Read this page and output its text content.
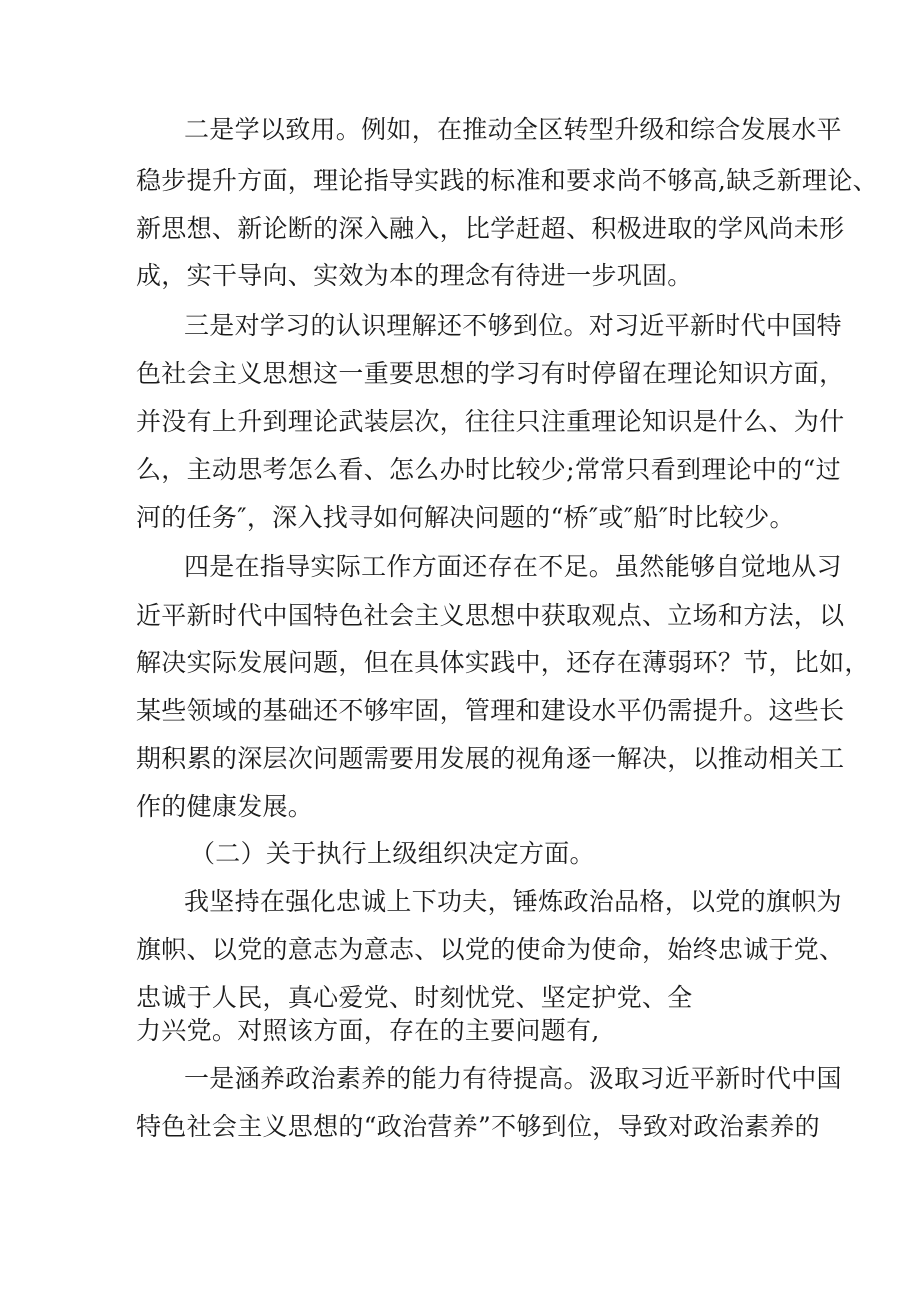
二是学以致用。例如，在推动全区转型升级和综合发展水平
稳步提升方面，理论指导实践的标准和要求尚不够高,缺乏新理论、
新思想、新论断的深入融入，比学赶超、积极进取的学风尚未形
成，实干导向、实效为本的理念有待进一步巩固。
三是对学习的认识理解还不够到位。对习近平新时代中国特
色社会主义思想这一重要思想的学习有时停留在理论知识方面，
并没有上升到理论武装层次，往往只注重理论知识是什么、为什
么，主动思考怎么看、怎么办时比较少;常常只看到理论中的“过
河的任务″，深入找寻如何解决问题的“桥″或″船″时比较少。
四是在指导实际工作方面还存在不足。虽然能够自觉地从习
近平新时代中国特色社会主义思想中获取观点、立场和方法，以
解决实际发展问题，但在具体实践中，还存在薄弱环？节，比如，
某些领域的基础还不够牢固，管理和建设水平仍需提升。这些长
期积累的深层次问题需要用发展的视角逐一解决，以推动相关工
作的健康发展。
（二）关于执行上级组织决定方面。
我坚持在强化忠诚上下功夫，锤炼政治品格，以党的旗帜为
旗帜、以党的意志为意志、以党的使命为使命，始终忠诚于党、
忠诚于人民，真心爱党、时刻忧党、坚定护党、全
力兴党。对照该方面，存在的主要问题有,
一是涵养政治素养的能力有待提高。汲取习近平新时代中国
特色社会主义思想的“政治营养”不够到位，导致对政治素养的
